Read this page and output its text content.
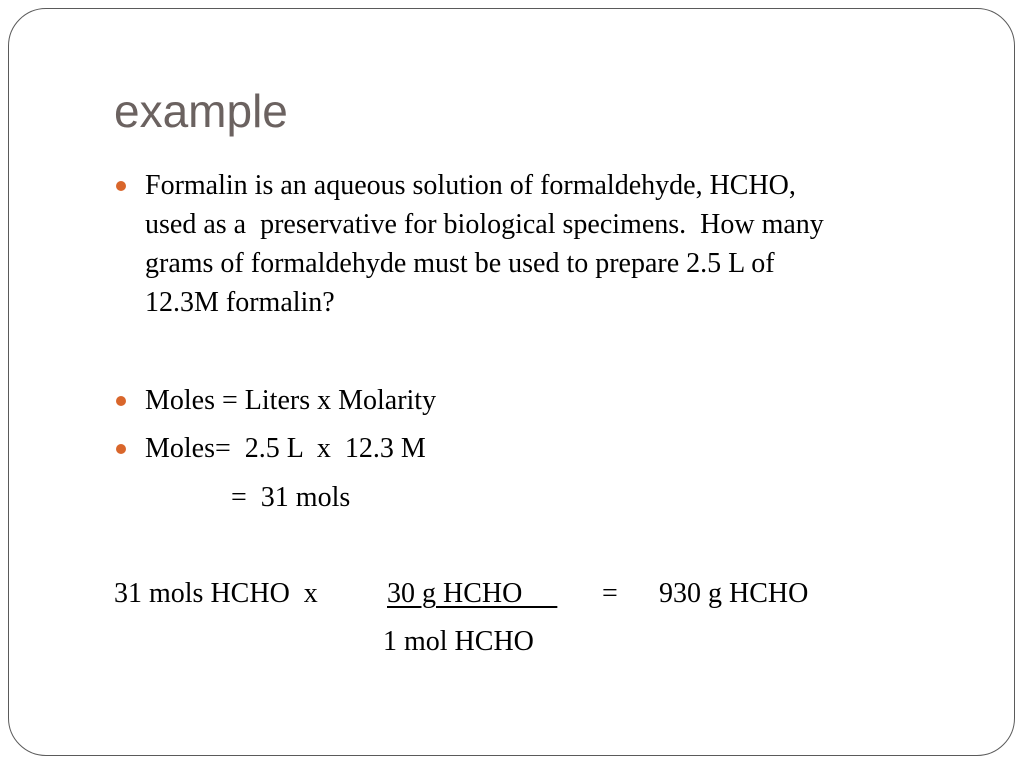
example
Formalin is an aqueous solution of formaldehyde, HCHO,
used as a  preservative for biological specimens.  How many
grams of formaldehyde must be used to prepare 2.5 L of
12.3M formalin?
Moles = Liters x Molarity
Moles=  2.5 L  x  12.3 M
=  31 mols
31 mols HCHO  x 30 g HCHO = 930 g HCHO
1 mol HCHO
